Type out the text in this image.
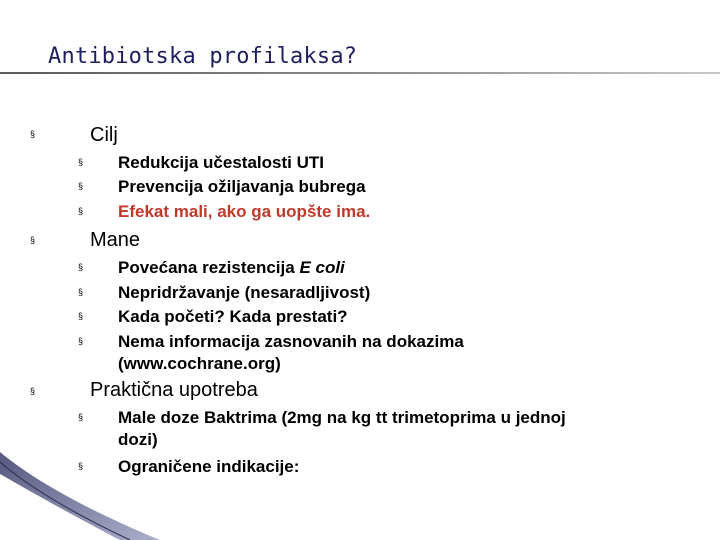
Antibiotska profilaksa?
§	Cilj
§ Redukcija učestalosti UTI
§ Prevencija ožiljavanja bubrega
§ Efekat mali, ako ga uopšte ima.
§	Mane
§ Povećana rezistencija E coli
§ Nepridržavanje (nesaradljivost)
§ Kada početi? Kada prestati?
§ Nema informacija zasnovanih na dokazima
(www.cochrane.org)
§	Praktična upotreba
§ Male doze Baktrima (2mg na kg tt trimetoprima u jednoj
dozi)
§ Ograničene indikacije:
